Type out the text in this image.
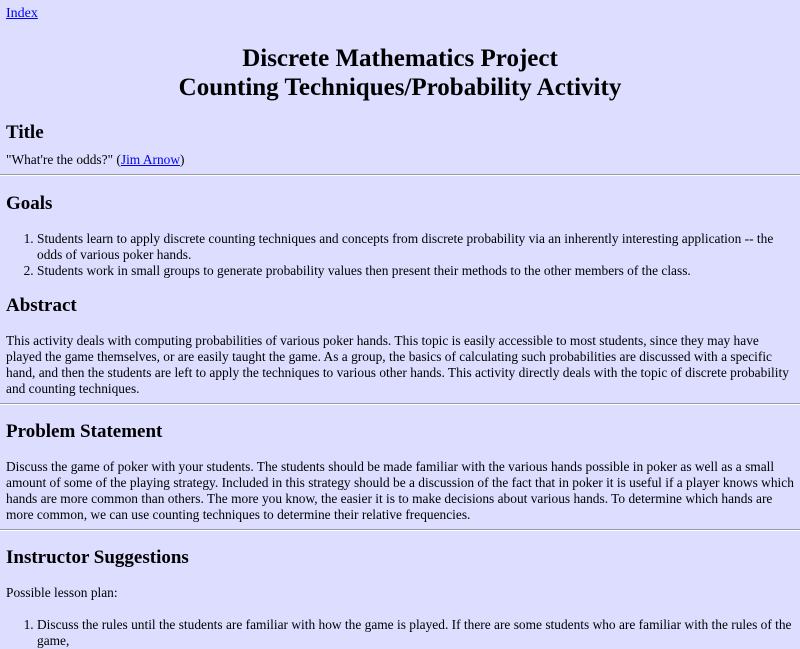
Index
Discrete Mathematics Project
Counting Techniques/Probability Activity
Title

"What're the odds?" (Jim Arnow)

Goals
1. Students learn to apply discrete counting techniques and concepts from discrete probability via an inherently interesting application -- the odds of various poker hands.
2. Students work in small groups to generate probability values then present their methods to the other members of the class.
Abstract

This activity deals with computing probabilities of various poker hands. This topic is easily accessible to most students, since they may have played the game themselves, or are easily taught the game. As a group, the basics of calculating such probabilities are discussed with a specific hand, and then the students are left to apply the techniques to various other hands. This activity directly deals with the topic of discrete probability and counting techniques.

Problem Statement

Discuss the game of poker with your students. The students should be made familiar with the various hands possible in poker as well as a small amount of some of the playing strategy. Included in this strategy should be a discussion of the fact that in poker it is useful if a player knows which hands are more common than others. The more you know, the easier it is to make decisions about various hands. To determine which hands are more common, we can use counting techniques to determine their relative frequencies.

Instructor Suggestions

Possible lesson plan:

1. Discuss the rules until the students are familiar with how the game is played. If there are some students who are familiar with the rules of the game,
